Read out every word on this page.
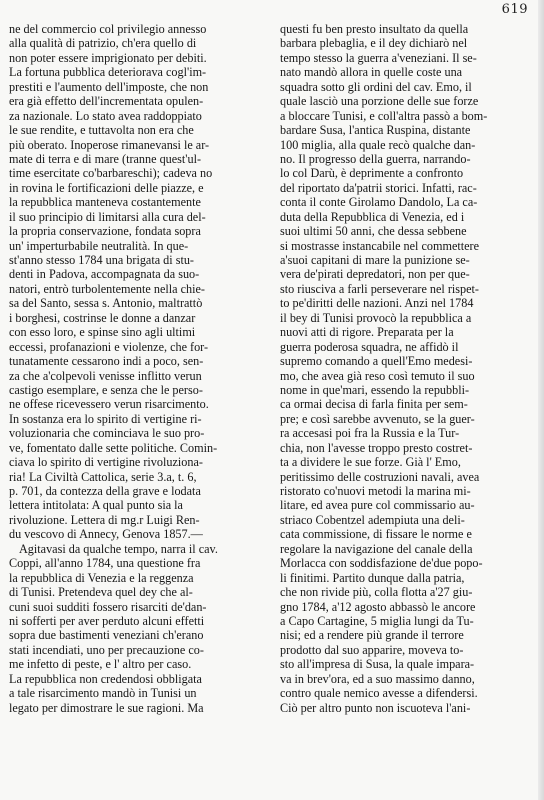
619
ne del commercio col privilegio annesso
alla qualità di patrizio, ch'era quello di
non poter essere imprigionato per debiti.
La fortuna pubblica deteriorava cogl'im-
prestiti e l'aumento dell'imposte, che non
era già effetto dell'incrementata opulen-
za nazionale. Lo stato avea raddoppiato
le sue rendite, e tuttavolta non era che
più oberato. Inoperose rimanevansi le ar-
mate di terra e di mare (tranne quest'ul-
time esercitate co'barbareschi); cadeva no
in rovina le fortificazioni delle piazze, e
la repubblica manteneva costantemente
il suo principio di limitarsi alla cura del-
la propria conservazione, fondata sopra
un' imperturbabile neutralità. In que-
st'anno stesso 1784 una brigata di stu-
denti in Padova, accompagnata da suo-
natori, entrò turbolentemente nella chie-
sa del Santo, sessa s. Antonio, maltrattò
i borghesi, costrinse le donne a danzar
con esso loro, e spinse sino agli ultimi
eccessi, profanazioni e violenze, che for-
tunatamente cessarono indi a poco, sen-
za che a'colpevoli venisse inflitto verun
castigo esemplare, e senza che le perso-
ne offese ricevessero verun risarcimento.
In sostanza era lo spirito di vertigine ri-
voluzionaria che cominciava le suo pro-
ve, fomentato dalle sette politiche. Comin-
ciava lo spirito di vertigine rivoluziona-
ria! La Civiltà Cattolica, serie 3.a, t. 6,
p. 701, da contezza della grave e lodata
lettera intitolata: A qual punto sia la
rivoluzione. Lettera di mg.r Luigi Ren-
du vescovo di Annecy, Genova 1857.—
Agitavasi da qualche tempo, narra il cav.
Coppi, all'anno 1784, una questione fra
la repubblica di Venezia e la reggenza
di Tunisi. Pretendeva quel dey che al-
cuni suoi sudditi fossero risarciti de'dan-
ni sofferti per aver perduto alcuni effetti
sopra due bastimenti veneziani ch'erano
stati incendiati, uno per precauzione co-
me infetto di peste, e l' altro per caso.
La repubblica non credendosi obbligata
a tale risarcimento mandò in Tunisi un
legato per dimostrare le sue ragioni. Ma
questi fu ben presto insultato da quella
barbara plebaglia, e il dey dichiarò nel
tempo stesso la guerra a'veneziani. Il se-
nato mandò allora in quelle coste una
squadra sotto gli ordini del cav. Emo, il
quale lasciò una porzione delle sue forze
a bloccare Tunisi, e coll'altra passò a bom-
bardare Susa, l'antica Ruspina, distante
100 miglia, alla quale recò qualche dan-
no. Il progresso della guerra, narrando-
lo col Darù, è deprimente a confronto
del riportato da'patrii storici. Infatti, rac-
conta il conte Girolamo Dandolo, La ca-
duta della Repubblica di Venezia, ed i
suoi ultimi 50 anni, che dessa sebbene
si mostrasse instancabile nel commettere
a'suoi capitani di mare la punizione se-
vera de'pirati depredatori, non per que-
sto riusciva a farli perseverare nel rispet-
to pe'diritti delle nazioni. Anzi nel 1784
il bey di Tunisi provocò la repubblica a
nuovi atti di rigore. Preparata per la
guerra poderosa squadra, ne affidò il
supremo comando a quell'Emo medesi-
mo, che avea già reso così temuto il suo
nome in que'mari, essendo la repubbli-
ca ormai decisa di farla finita per sem-
pre; e così sarebbe avvenuto, se la guer-
ra accesasi poi fra la Russia e la Tur-
chia, non l'avesse troppo presto costret-
ta a dividere le sue forze. Già l' Emo,
peritissimo delle costruzioni navali, avea
ristorato co'nuovi metodi la marina mi-
litare, ed avea pure col commissario au-
striaco Cobentzel adempiuta una deli-
cata commissione, di fissare le norme e
regolare la navigazione del canale della
Morlacca con soddisfazione de'due popo-
li finitimi. Partito dunque dalla patria,
che non rivide più, colla flotta a'27 giu-
gno 1784, a'12 agosto abbassò le ancore
a Capo Cartagine, 5 miglia lungi da Tu-
nisi; ed a rendere più grande il terrore
prodotto dal suo apparire, moveva to-
sto all'impresa di Susa, la quale impara-
va in brev'ora, ed a suo massimo danno,
contro quale nemico avesse a difendersi.
Ciò per altro punto non iscuoteva l'ani-
